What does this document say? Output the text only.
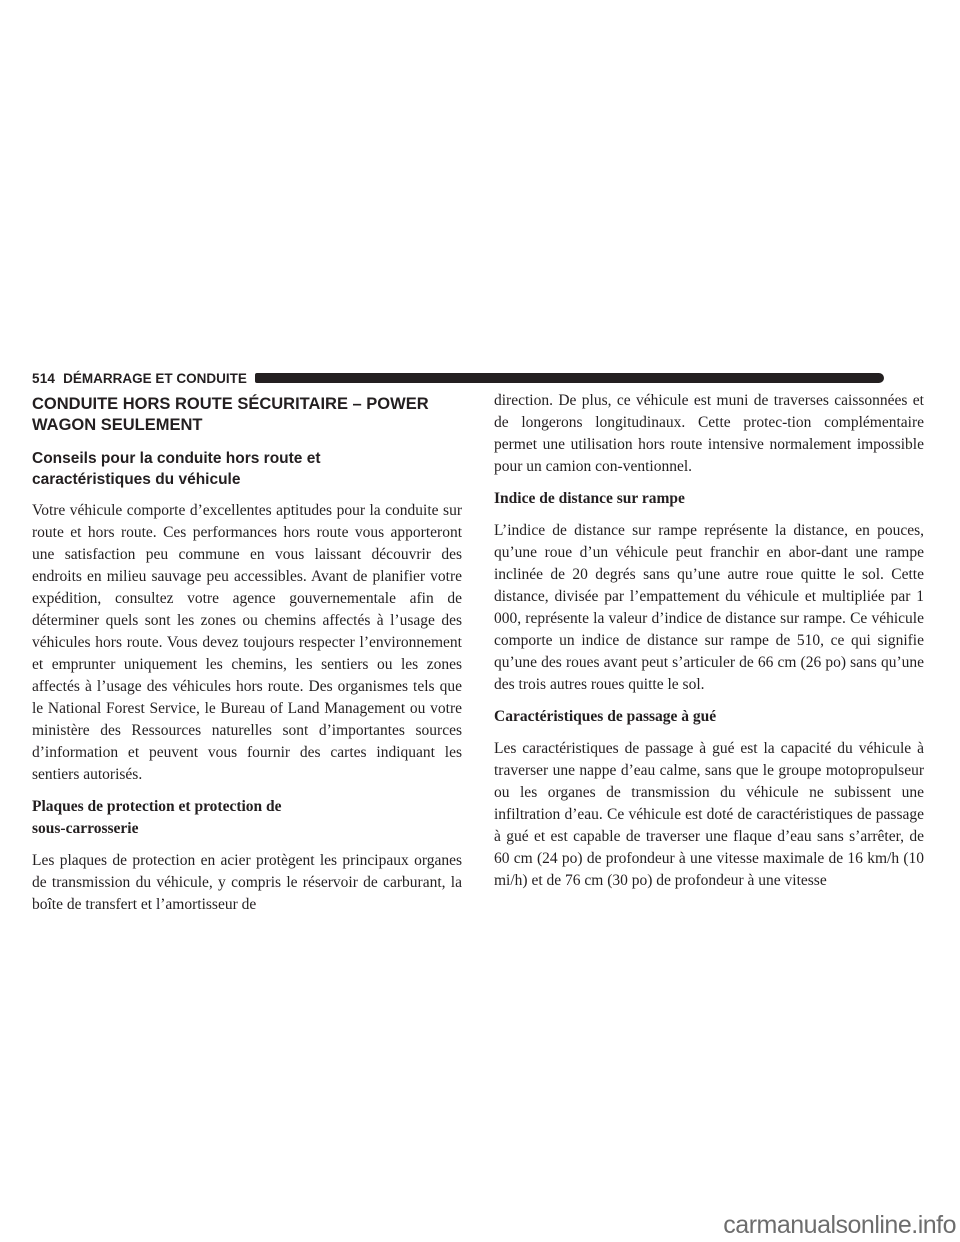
514 DÉMARRAGE ET CONDUITE
CONDUITE HORS ROUTE SÉCURITAIRE – POWER
WAGON SEULEMENT
Conseils pour la conduite hors route et
caractéristiques du véhicule

Votre véhicule comporte d’excellentes aptitudes pour la conduite sur route et hors route. Ces performances hors route vous apporteront une satisfaction peu commune en vous laissant découvrir des endroits en milieu sauvage peu accessibles. Avant de planifier votre expédition, consultez votre agence gouvernementale afin de déterminer quels sont les zones ou chemins affectés à l’usage des véhicules hors route. Vous devez toujours respecter l’environnement et emprunter uniquement les chemins, les sentiers ou les zones affectés à l’usage des véhicules hors route. Des organismes tels que le National Forest Service, le Bureau of Land Management ou votre ministère des Ressources naturelles sont d’importantes sources d’information et peuvent vous fournir des cartes indiquant les sentiers autorisés.

Plaques de protection et protection de
sous-carrosserie

Les plaques de protection en acier protègent les principaux organes de transmission du véhicule, y compris le réservoir de carburant, la boîte de transfert et l’amortisseur de

direction. De plus, ce véhicule est muni de traverses caissonnées et de longerons longitudinaux. Cette protec-tion complémentaire permet une utilisation hors route intensive normalement impossible pour un camion con-ventionnel.

Indice de distance sur rampe

L’indice de distance sur rampe représente la distance, en pouces, qu’une roue d’un véhicule peut franchir en abor-dant une rampe inclinée de 20 degrés sans qu’une autre roue quitte le sol. Cette distance, divisée par l’empattement du véhicule et multipliée par 1 000, représente la valeur d’indice de distance sur rampe. Ce véhicule comporte un indice de distance sur rampe de 510, ce qui signifie qu’une des roues avant peut s’articuler de 66 cm (26 po) sans qu’une des trois autres roues quitte le sol.

Caractéristiques de passage à gué

Les caractéristiques de passage à gué est la capacité du véhicule à traverser une nappe d’eau calme, sans que le groupe motopropulseur ou les organes de transmission du véhicule ne subissent une infiltration d’eau. Ce véhicule est doté de caractéristiques de passage à gué et est capable de traverser une flaque d’eau sans s’arrêter, de 60 cm (24 po) de profondeur à une vitesse maximale de 16 km/h (10 mi/h) et de 76 cm (30 po) de profondeur à une vitesse

carmanualsonline.info
